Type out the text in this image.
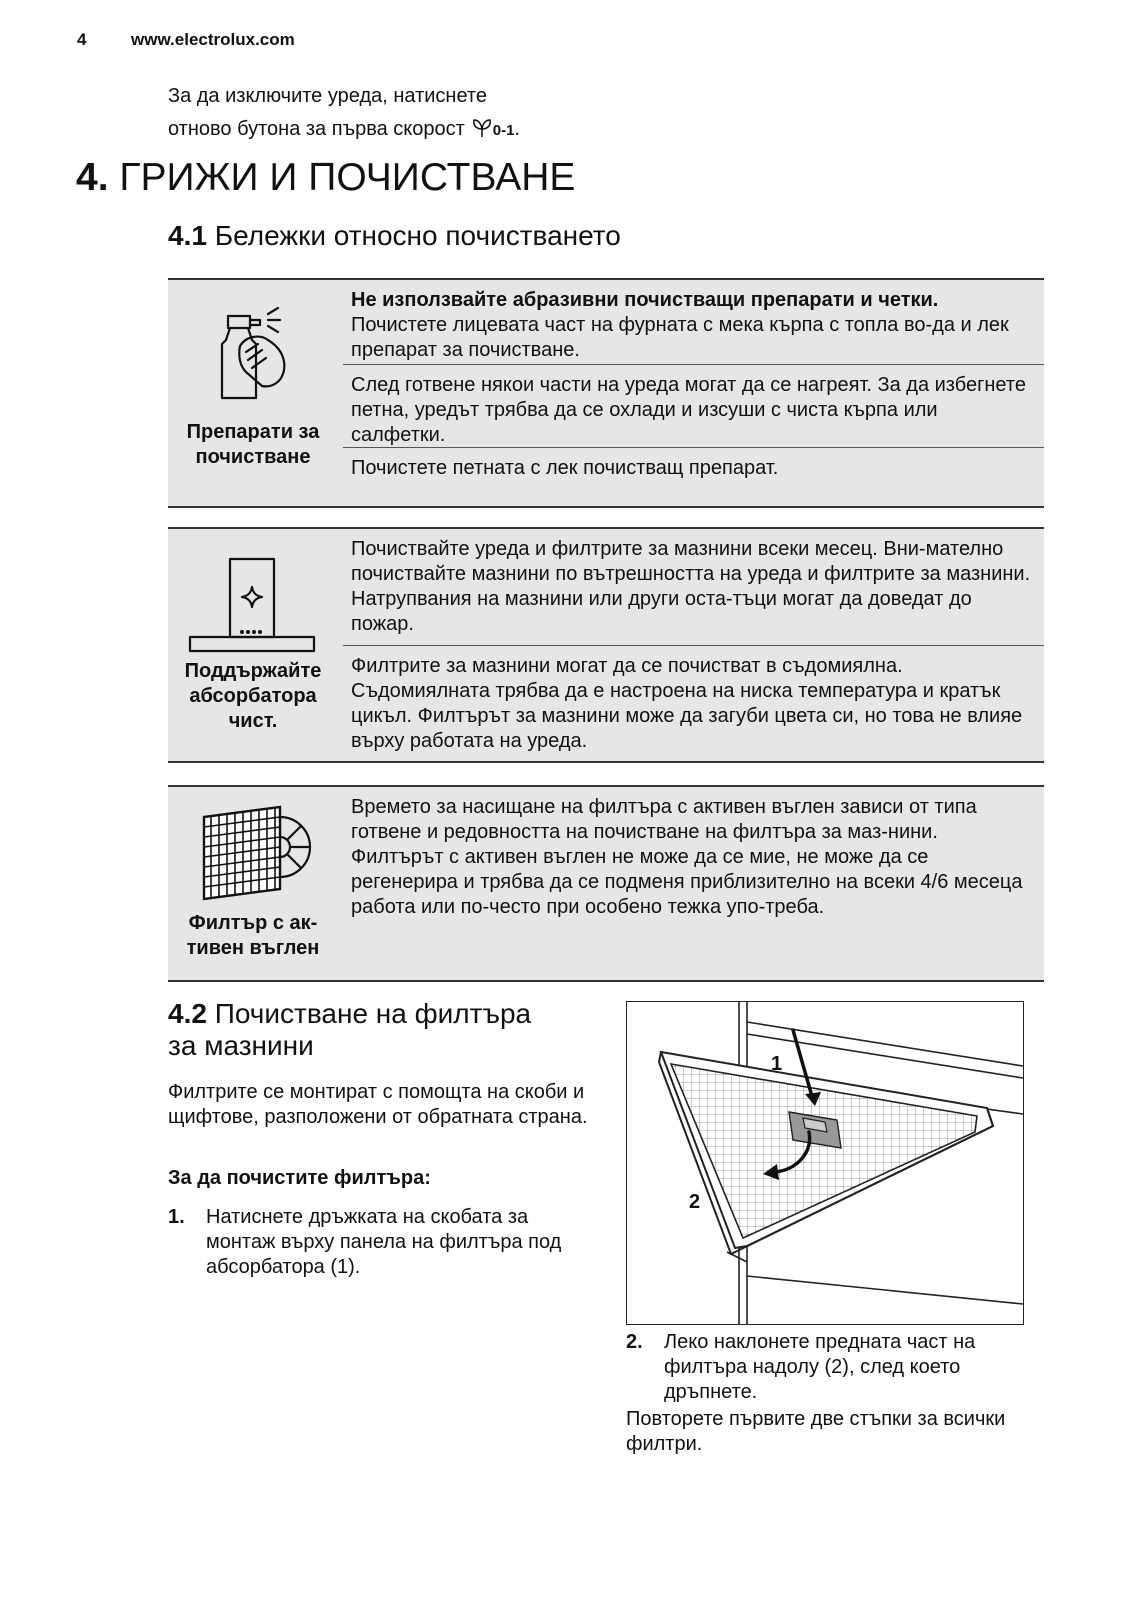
4	www.electrolux.com
За да изключите уреда, натиснете
отново бутона за първа скорост 0-1.
4. ГРИЖИ И ПОЧИСТВАНЕ
4.1 Бележки относно почистването
Препарати за
почистване
Не използвайте абразивни почистващи препарати и четки. Почистете лицевата част на фурната с мека кърпа с топла во-да и лек препарат за почистване.
След готвене някои части на уреда могат да се нагреят. За да избегнете петна, уредът трябва да се охлади и изсуши с чиста кърпа или салфетки.
Почистете петната с лек почистващ препарат.
Поддържайте
абсорбатора
чист.
Почиствайте уреда и филтрите за мазнини всеки месец. Вни-мателно почиствайте мазнини по вътрешността на уреда и филтрите за мазнини. Натрупвания на мазнини или други оста-тъци могат да доведат до пожар.
Филтрите за мазнини могат да се почистват в съдомиялна. Съдомиялната трябва да е настроена на ниска температура и кратък цикъл. Филтърът за мазнини може да загуби цвета си, но това не влияе върху работата на уреда.
Филтър с ак-
тивен въглен
Времето за насищане на филтъра с активен въглен зависи от типа готвене и редовността на почистване на филтъра за маз-нини. Филтърът с активен въглен не може да се мие, не може да се регенерира и трябва да се подменя приблизително на всеки 4/6 месеца работа или по-често при особено тежка упо-треба.
4.2 Почистване на филтъра
за мазнини
Филтрите се монтират с помощта на скоби и щифтове, разположени от обратната страна.
За да почистите филтъра:
1. Натиснете дръжката на скобата за монтаж върху панела на филтъра под абсорбатора (1).
1
2
2. Леко наклонете предната част на филтъра надолу (2), след което дръпнете.
Повторете първите две стъпки за всички филтри.
